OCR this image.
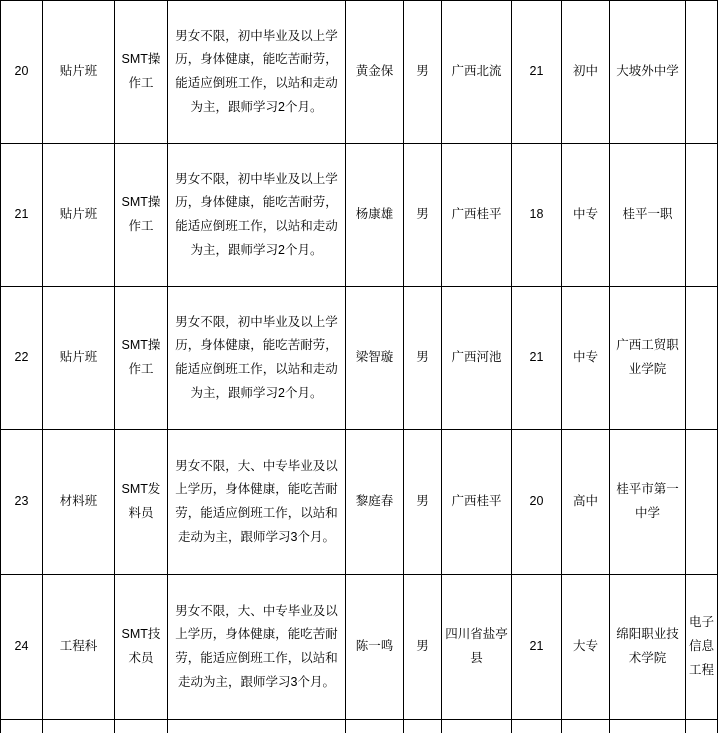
20	贴片班	SMT操作工	男女不限，初中毕业及以上学历，身体健康，能吃苦耐劳，能适应倒班工作，以站和走动为主，跟师学习2个月。	黄金保	男	广西北流	21	初中	大坡外中学	
21	贴片班	SMT操作工	男女不限，初中毕业及以上学历，身体健康，能吃苦耐劳，能适应倒班工作，以站和走动为主，跟师学习2个月。	杨康雄	男	广西桂平	18	中专	桂平一职	
22	贴片班	SMT操作工	男女不限，初中毕业及以上学历，身体健康，能吃苦耐劳，能适应倒班工作，以站和走动为主，跟师学习2个月。	梁智璇	男	广西河池	21	中专	广西工贸职业学院	
23	材料班	SMT发料员	男女不限，大、中专毕业及以上学历，身体健康，能吃苦耐劳，能适应倒班工作，以站和走动为主，跟师学习3个月。	黎庭春	男	广西桂平	20	高中	桂平市第一中学	
24	工程科	SMT技术员	男女不限，大、中专毕业及以上学历，身体健康，能吃苦耐劳，能适应倒班工作，以站和走动为主，跟师学习3个月。	陈一鸣	男	四川省盐亭县	21	大专	绵阳职业技术学院	电子信息工程
